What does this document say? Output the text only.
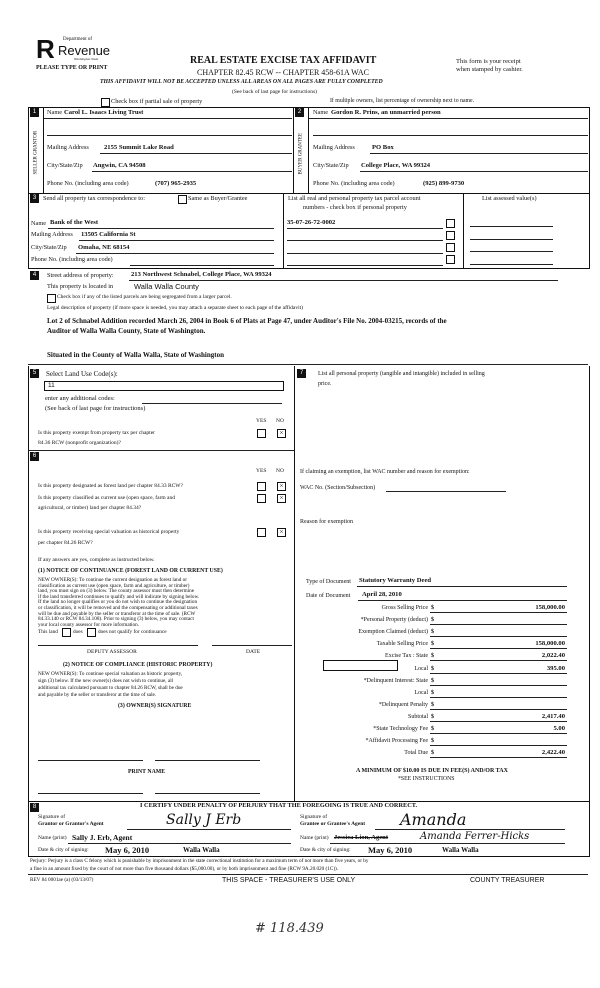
R Department of
Revenue
Washington State
PLEASE TYPE OR PRINT
REAL ESTATE EXCISE TAX AFFIDAVIT
CHAPTER 82.45 RCW -- CHAPTER 458-61A WAC
THIS AFFIDAVIT WILL NOT BE ACCEPTED UNLESS ALL AREAS ON ALL PAGES ARE FULLY COMPLETED
(See back of last page for instructions)
This form is your receipt
when stamped by cashier.
Check box if partial sale of property	If multiple owners, list percentage of ownership next to name.
1	2
SELLER GRANTOR	BUYER GRANTEE
Name Carol L. Isaacs Living Trust
Mailing Address 2155 Summit Lake Road
City/State/Zip Angwin, CA 94508
Phone No. (including area code)	(707) 965-2935
Name Gordon R. Prins, an unmarried person
Mailing Address	PO Box
City/State/Zip College Place, WA 99324
Phone No. (including area code)	(925) 899-9730
3	Send all property tax correspondence to:	Same as Buyer/Grantee	List all real and personal property tax parcel account
numbers - check box if personal property
List assessed value(s)
Name Bank of the West
Mailing Address 13505 California St
City/State/Zip Omaha, NE 68154
Phone No. (including area code)
35-07-26-72-0002
4	Street address of property:	213 Northwest Schnabel, College Place, WA 99324
This property is located in	Walla Walla County
Check box if any of the listed parcels are being segregated from a larger parcel.
Legal description of property (if more space is needed, you may attach a separate sheet to each page of the affidavit)
Lot 2 of Schnabel Addition recorded March 26, 2004 in Book 6 of Plats at Page 47, under Auditor's File No. 2004-03215, records of the
Auditor of Walla Walla County, State of Washington.
Situated in the County of Walla Walla, State of Washington
5	Select Land Use Code(s):
11
enter any additional codes:
(See back of last page for instructions)
YES NO
Is this property exempt from property tax per chapter
84.36 RCW (nonprofit organization)?
×
6
YES NO
Is this property designated as forest land per chapter 84.33 RCW?	×
Is this property classified as current use (open space, farm and
agricultural, or timber) land per chapter 84.34?
×
Is this property receiving special valuation as historical property
per chapter 84.26 RCW?
×
If any answers are yes, complete as instructed below.
(1) NOTICE OF CONTINUANCE (FOREST LAND OR CURRENT USE)
NEW OWNER(S): To continue the current designation as forest land or
classification as current use (open space, farm and agriculture, or timber)
land, you must sign on (3) below. The county assessor must then determine
if the land transferred continues to qualify and will indicate by signing below.
If the land no longer qualifies or you do not wish to continue the designation
or classification, it will be removed and the compensating or additional taxes
will be due and payable by the seller or transferor at the time of sale. (RCW
84.33.140 or RCW 84.34.108). Prior to signing (3) below, you may contact
your local county assessor for more information.
This land	does	does not qualify for continuance
DEPUTY ASSESSOR	DATE
(2) NOTICE OF COMPLIANCE (HISTORIC PROPERTY)
NEW OWNER(S): To continue special valuation as historic property,
sign (3) below. If the new owner(s) does not wish to continue, all
additional tax calculated pursuant to chapter 84.26 RCW, shall be due
and payable by the seller or transferor at the time of sale.
(3) OWNER(S) SIGNATURE
PRINT NAME
7	List all personal property (tangible and intangible) included in selling
price.
If claiming an exemption, list WAC number and reason for exemption:
WAC No. (Section/Subsection)
Reason for exemption
Type of Document Statutory Warranty Deed
Date of Document April 28, 2010
Gross Selling Price $	158,000.00
*Personal Property (deduct) $
Exemption Claimed (deduct) $
Taxable Selling Price $	158,000.00
Excise Tax : State $	2,022.40
Local $	395.00
*Delinquent Interest: State $
Local $
*Delinquent Penalty $
Subtotal $	2,417.40
*State Technology Fee $	5.00
*Affidavit Processing Fee $
Total Due $	2,422.40
A MINIMUM OF $10.00 IS DUE IN FEE(S) AND/OR TAX
*SEE INSTRUCTIONS
8	I CERTIFY UNDER PENALTY OF PERJURY THAT THE FOREGOING IS TRUE AND CORRECT.
Signature of
Grantor or Grantor's Agent	Sally J Erb
Name (print) Sally J. Erb, Agent
Date & city of signing: May 6, 2010	Walla Walla
Signature of
Grantee or Grantee's Agent Amanda
Name (print) Jessica Lion, Agent	Amanda Ferrer-Hicks
Date & city of signing: May 6, 2010	Walla Walla
Perjury: Perjury is a class C felony which is punishable by imprisonment in the state correctional institution for a maximum term of not more than five years, or by
a fine in an amount fixed by the court of not more than five thousand dollars ($5,000.00), or by both imprisonment and fine (RCW 9A.20.020 (1C)).
REV 84 0001ae (a) (03/13/07)	THIS SPACE - TREASURER'S USE ONLY	COUNTY TREASURER
# 118.439
